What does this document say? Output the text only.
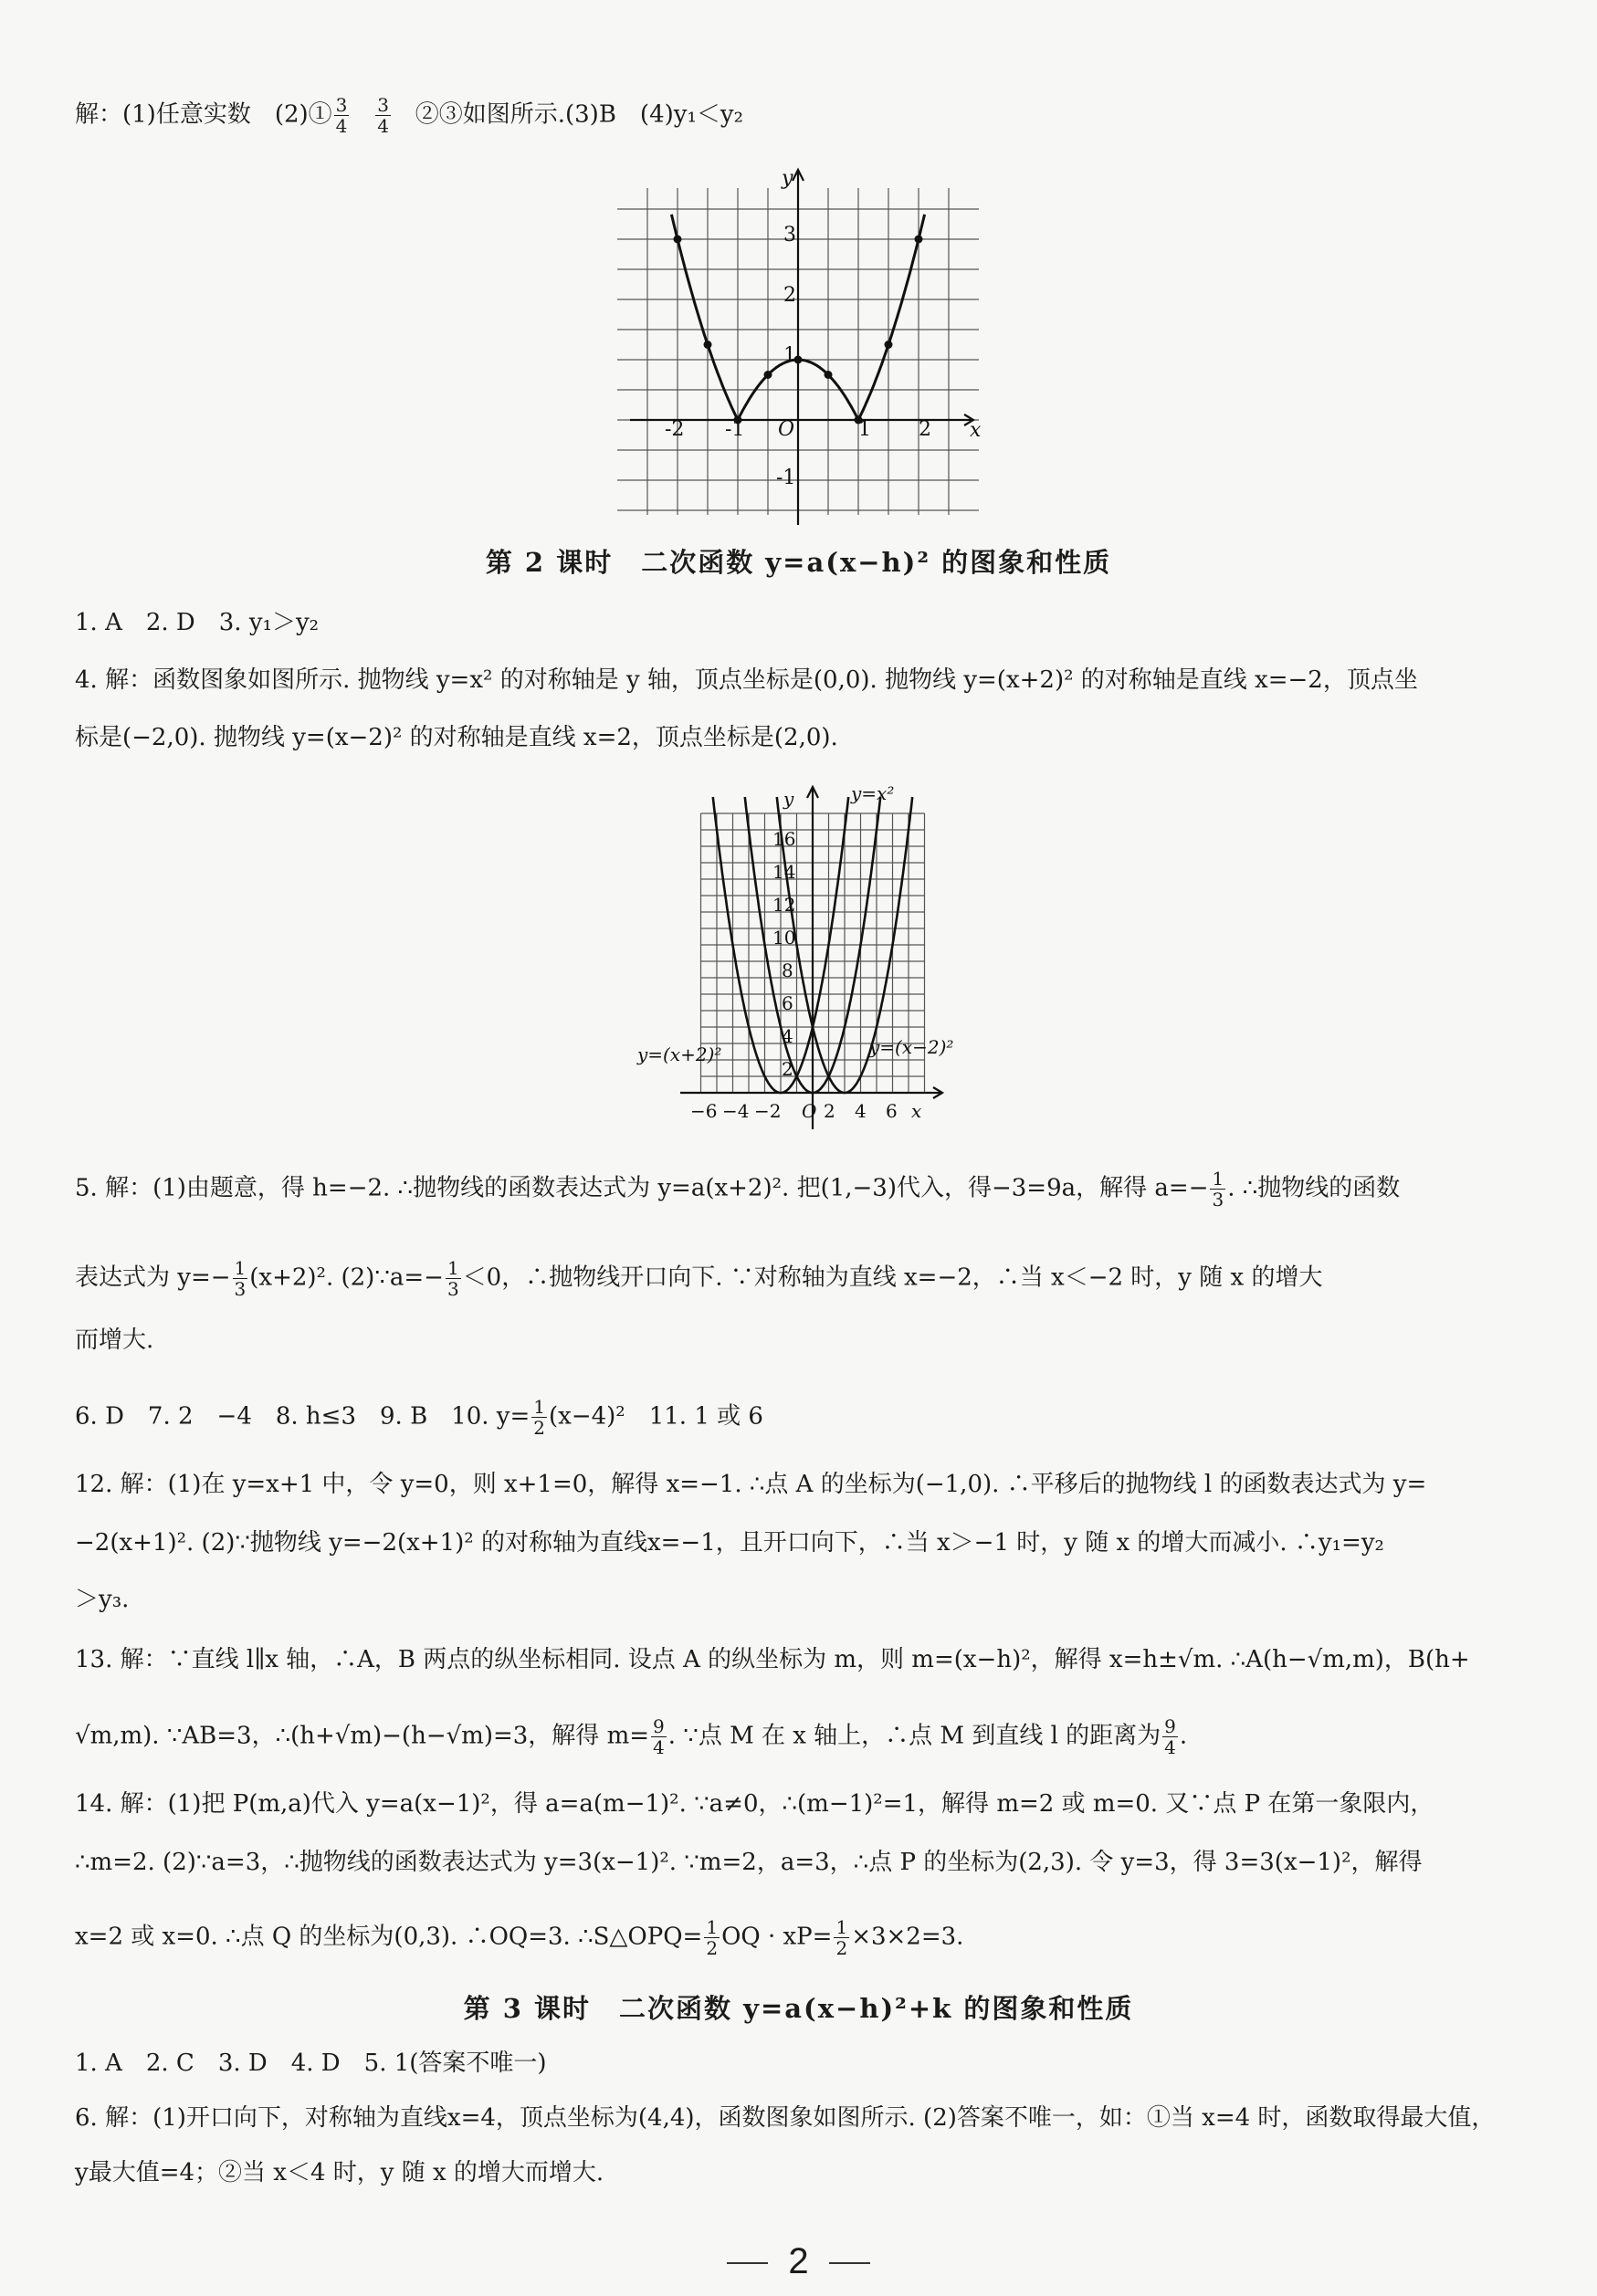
解：(1)任意实数　(2)① $\frac{3}{4}$
$\frac{3}{4}$ ②③如图所示.(3)B　(4)y₁＜y₂
y
x
O
3
2
1
-1
-2 -1	1 2
第 2 课时　二次函数 y=a(x−h)² 的图象和性质
1. A　2. D　3. y₁＞y₂
4. 解：函数图象如图所示. 抛物线 y=x² 的对称轴是 y 轴，顶点坐标是(0,0). 抛物线 y=(x+2)² 的对称轴是直线 x=−2，顶点坐
标是(−2,0). 抛物线 y=(x−2)² 的对称轴是直线 x=2，顶点坐标是(2,0).
y
x
O
y=x²
y=(x+2)²	y=(x−2)²
16
14
12
10
8
6
4
2
−6 −4 −2 2 4 6
5. 解：(1)由题意，得 h=−2. ∴抛物线的函数表达式为 y=a(x+2)². 把(1,−3)代入，得−3=9a，解得 $a=- \frac{1}{3}$ . ∴抛物线的函数
表达式为 $y=- \frac{1}{3} (x+2)^2$. (2)∵a=− $\frac{1}{3} <0$，∴抛物线开口向下. ∵对称轴为直线 x=−2，∴当 x＜−2 时，y 随 x 的增大
而增大.
6. D　7. 2　−4　8. h≤3　9. B　10. $y= \frac{1}{2} (x-4)^2$　11. 1 或 6
12. 解：(1)在 y=x+1 中，令 y=0，则 x+1=0，解得 x=−1. ∴点 A 的坐标为(−1,0). ∴平移后的抛物线 l 的函数表达式为 y=
−2(x+1)². (2)∵抛物线 y=−2(x+1)² 的对称轴为直线x=−1，且开口向下，∴当 x＞−1 时，y 随 x 的增大而减小. ∴y₁=y₂
＞y₃.
13. 解：∵直线 l∥x 轴，∴A，B 两点的纵坐标相同. 设点 A 的纵坐标为 m，则 m=(x−h)²，解得 x=h±√m. ∴A(h−√m,m)，B(h+
√m,m). ∵AB=3，∴(h+√m)−(h−√m)=3，解得 $m= \frac{9}{4}$ . ∵点 M 在 x 轴上，∴点 M 到直线 l 的距离为 $\frac{9}{4}$ .
14. 解：(1)把 P(m,a)代入 y=a(x−1)²，得 a=a(m−1)². ∵a≠0，∴(m−1)²=1，解得 m=2 或 m=0. 又∵点 P 在第一象限内，
∴m=2. (2)∵a=3，∴抛物线的函数表达式为 y=3(x−1)². ∵m=2，a=3，∴点 P 的坐标为(2,3). 令 y=3，得 3=3(x−1)²，解得
x=2 或 x=0. ∴点 Q 的坐标为(0,3). ∴OQ=3. ∴S△OPQ= $\frac{1}{2}$ OQ · $xP= \frac{1}{2} \times 3\times 2=3$.
第 3 课时　二次函数 y=a(x−h)²+k 的图象和性质
1. A　2. C　3. D　4. D　5. 1(答案不唯一)
6. 解：(1)开口向下，对称轴为直线x=4，顶点坐标为(4,4)，函数图象如图所示. (2)答案不唯一，如：①当 x=4 时，函数取得最大值，
y最大值=4；②当 x＜4 时，y 随 x 的增大而增大.
2
